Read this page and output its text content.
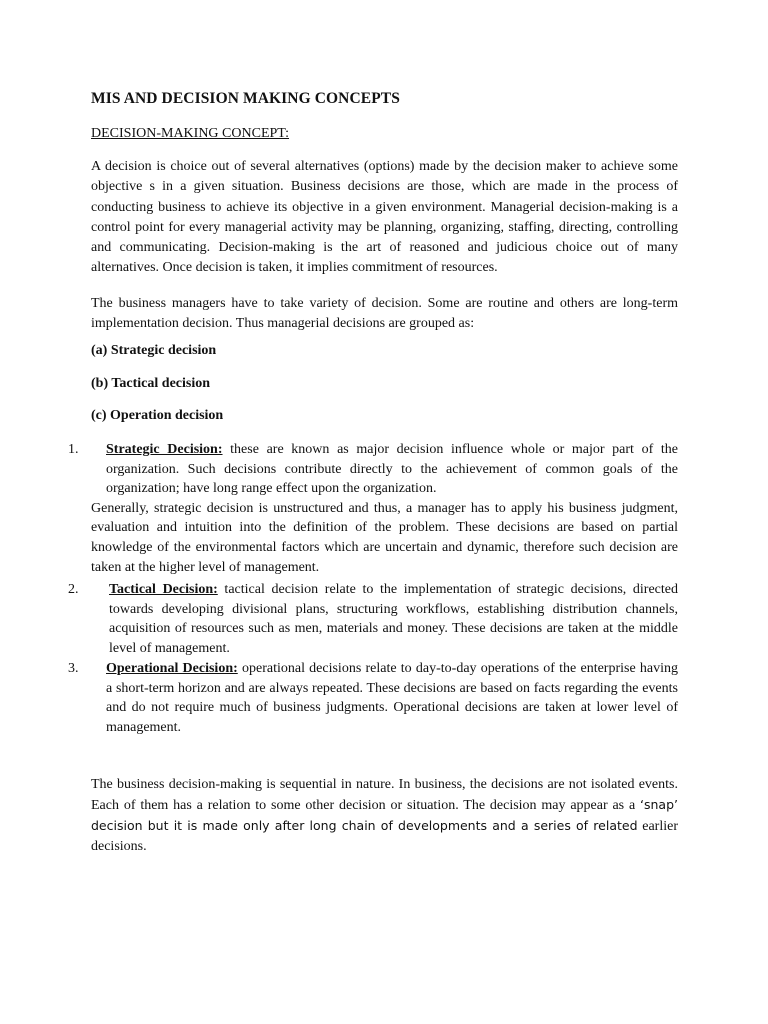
MIS AND DECISION MAKING CONCEPTS
DECISION-MAKING CONCEPT:

A decision is choice out of several alternatives (options) made by the decision maker to achieve some objective s in a given situation. Business decisions are those, which are made in the process of conducting business to achieve its objective in a given environment. Managerial decision-making is a control point for every managerial activity may be planning, organizing, staffing, directing, controlling and communicating. Decision-making is the art of reasoned and judicious choice out of many alternatives. Once decision is taken, it implies commitment of resources.

The business managers have to take variety of decision. Some are routine and others are long-term implementation decision. Thus managerial decisions are grouped as:

(a) Strategic decision
(b) Tactical decision
(c) Operation decision
1.	Strategic Decision: these are known as major decision influence whole or major part of the organization. Such decisions contribute directly to the achievement of common goals of the organization; have long range effect upon the organization.
Generally, strategic decision is unstructured and thus, a manager has to apply his business judgment, evaluation and intuition into the definition of the problem. These decisions are based on partial knowledge of the environmental factors which are uncertain and dynamic, therefore such decision are taken at the higher level of management.
2.	Tactical Decision: tactical decision relate to the implementation of strategic decisions, directed towards developing divisional plans, structuring workflows, establishing distribution channels, acquisition of resources such as men, materials and money. These decisions are taken at the middle level of management.
3.	Operational Decision: operational decisions relate to day-to-day operations of the enterprise having a short-term horizon and are always repeated. These decisions are based on facts regarding the events and do not require much of business judgments. Operational decisions are taken at lower level of management.

The business decision-making is sequential in nature. In business, the decisions are not isolated events. Each of them has a relation to some other decision or situation. The decision may appear as a ‘snap’ decision but it is made only after long chain of developments and a series of related earlier decisions.
